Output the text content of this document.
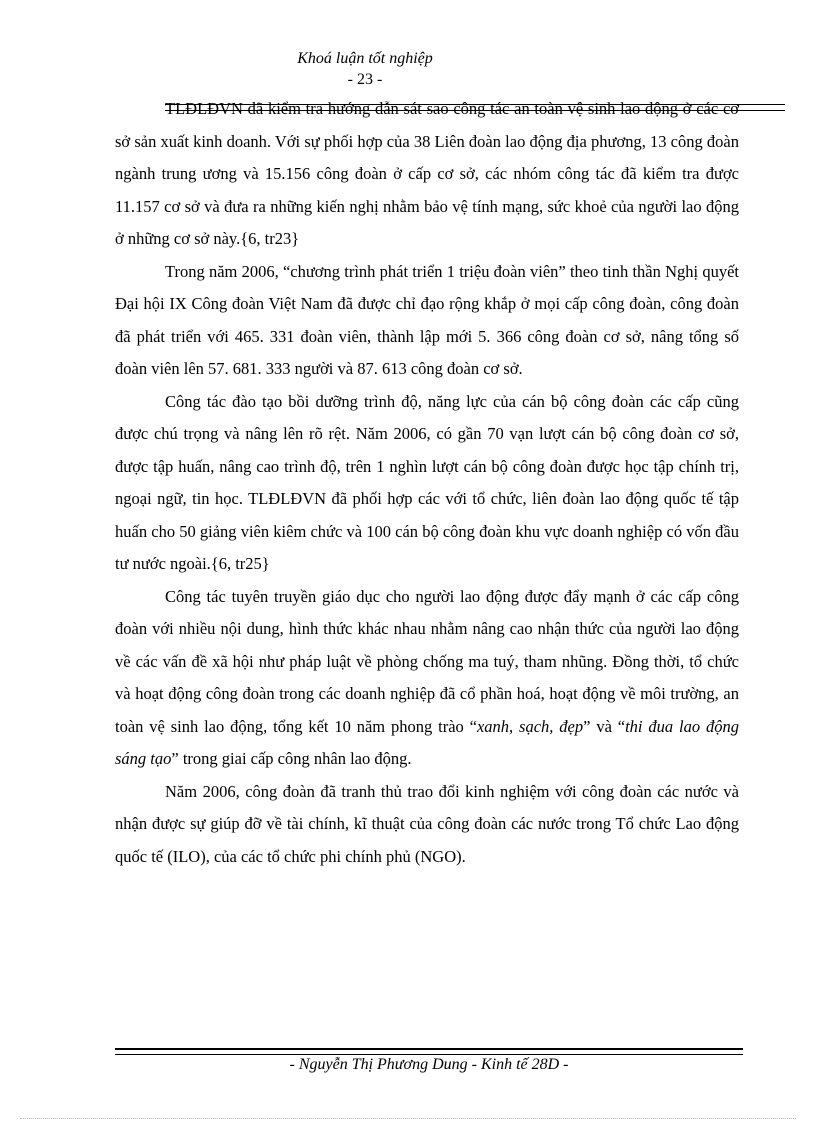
Khoá luận tốt nghiệp
- 23 -

TLĐLĐVN đã kiểm tra hướng dẫn sát sao công tác an toàn vệ sinh lao động ở các cơ sở sản xuất kinh doanh. Với sự phối hợp của 38 Liên đoàn lao động địa phương, 13 công đoàn ngành trung ương và 15.156 công đoàn ở cấp cơ sở, các nhóm công tác đã kiểm tra được 11.157 cơ sở và đưa ra những kiến nghị nhằm bảo vệ tính mạng, sức khoẻ của người lao động ở những cơ sở này.{6, tr23}

Trong năm 2006, “chương trình phát triển 1 triệu đoàn viên” theo tinh thần Nghị quyết Đại hội IX Công đoàn Việt Nam đã được chỉ đạo rộng khắp ở mọi cấp công đoàn, công đoàn đã phát triển với 465. 331 đoàn viên, thành lập mới 5. 366 công đoàn cơ sở, nâng tổng số đoàn viên lên 57. 681. 333 người và 87. 613 công đoàn cơ sở.

Công tác đào tạo bồi dưỡng trình độ, năng lực của cán bộ công đoàn các cấp cũng được chú trọng và nâng lên rõ rệt. Năm 2006, có gần 70 vạn lượt cán bộ công đoàn cơ sở, được tập huấn, nâng cao trình độ, trên 1 nghìn lượt cán bộ công đoàn được học tập chính trị, ngoại ngữ, tin học. TLĐLĐVN đã phối hợp các với tổ chức, liên đoàn lao động quốc tế tập huấn cho 50 giảng viên kiêm chức và 100 cán bộ công đoàn khu vực doanh nghiệp có vốn đầu tư nước ngoài.{6, tr25}

Công tác tuyên truyền giáo dục cho người lao động được đẩy mạnh ở các cấp công đoàn với nhiều nội dung, hình thức khác nhau nhằm nâng cao nhận thức của người lao động về các vấn đề xã hội như pháp luật về phòng chống ma tuý, tham nhũng. Đồng thời, tổ chức và hoạt động công đoàn trong các doanh nghiệp đã cổ phần hoá, hoạt động về môi trường, an toàn vệ sinh lao động, tổng kết 10 năm phong trào “xanh, sạch, đẹp” và “thi đua lao động sáng tạo” trong giai cấp công nhân lao động.

Năm 2006, công đoàn đã tranh thủ trao đổi kinh nghiệm với công đoàn các nước và nhận được sự giúp đỡ về tài chính, kĩ thuật của công đoàn các nước trong Tổ chức Lao động quốc tế (ILO), của các tổ chức phi chính phủ (NGO).

- Nguyễn Thị Phương Dung - Kinh tế 28D -
